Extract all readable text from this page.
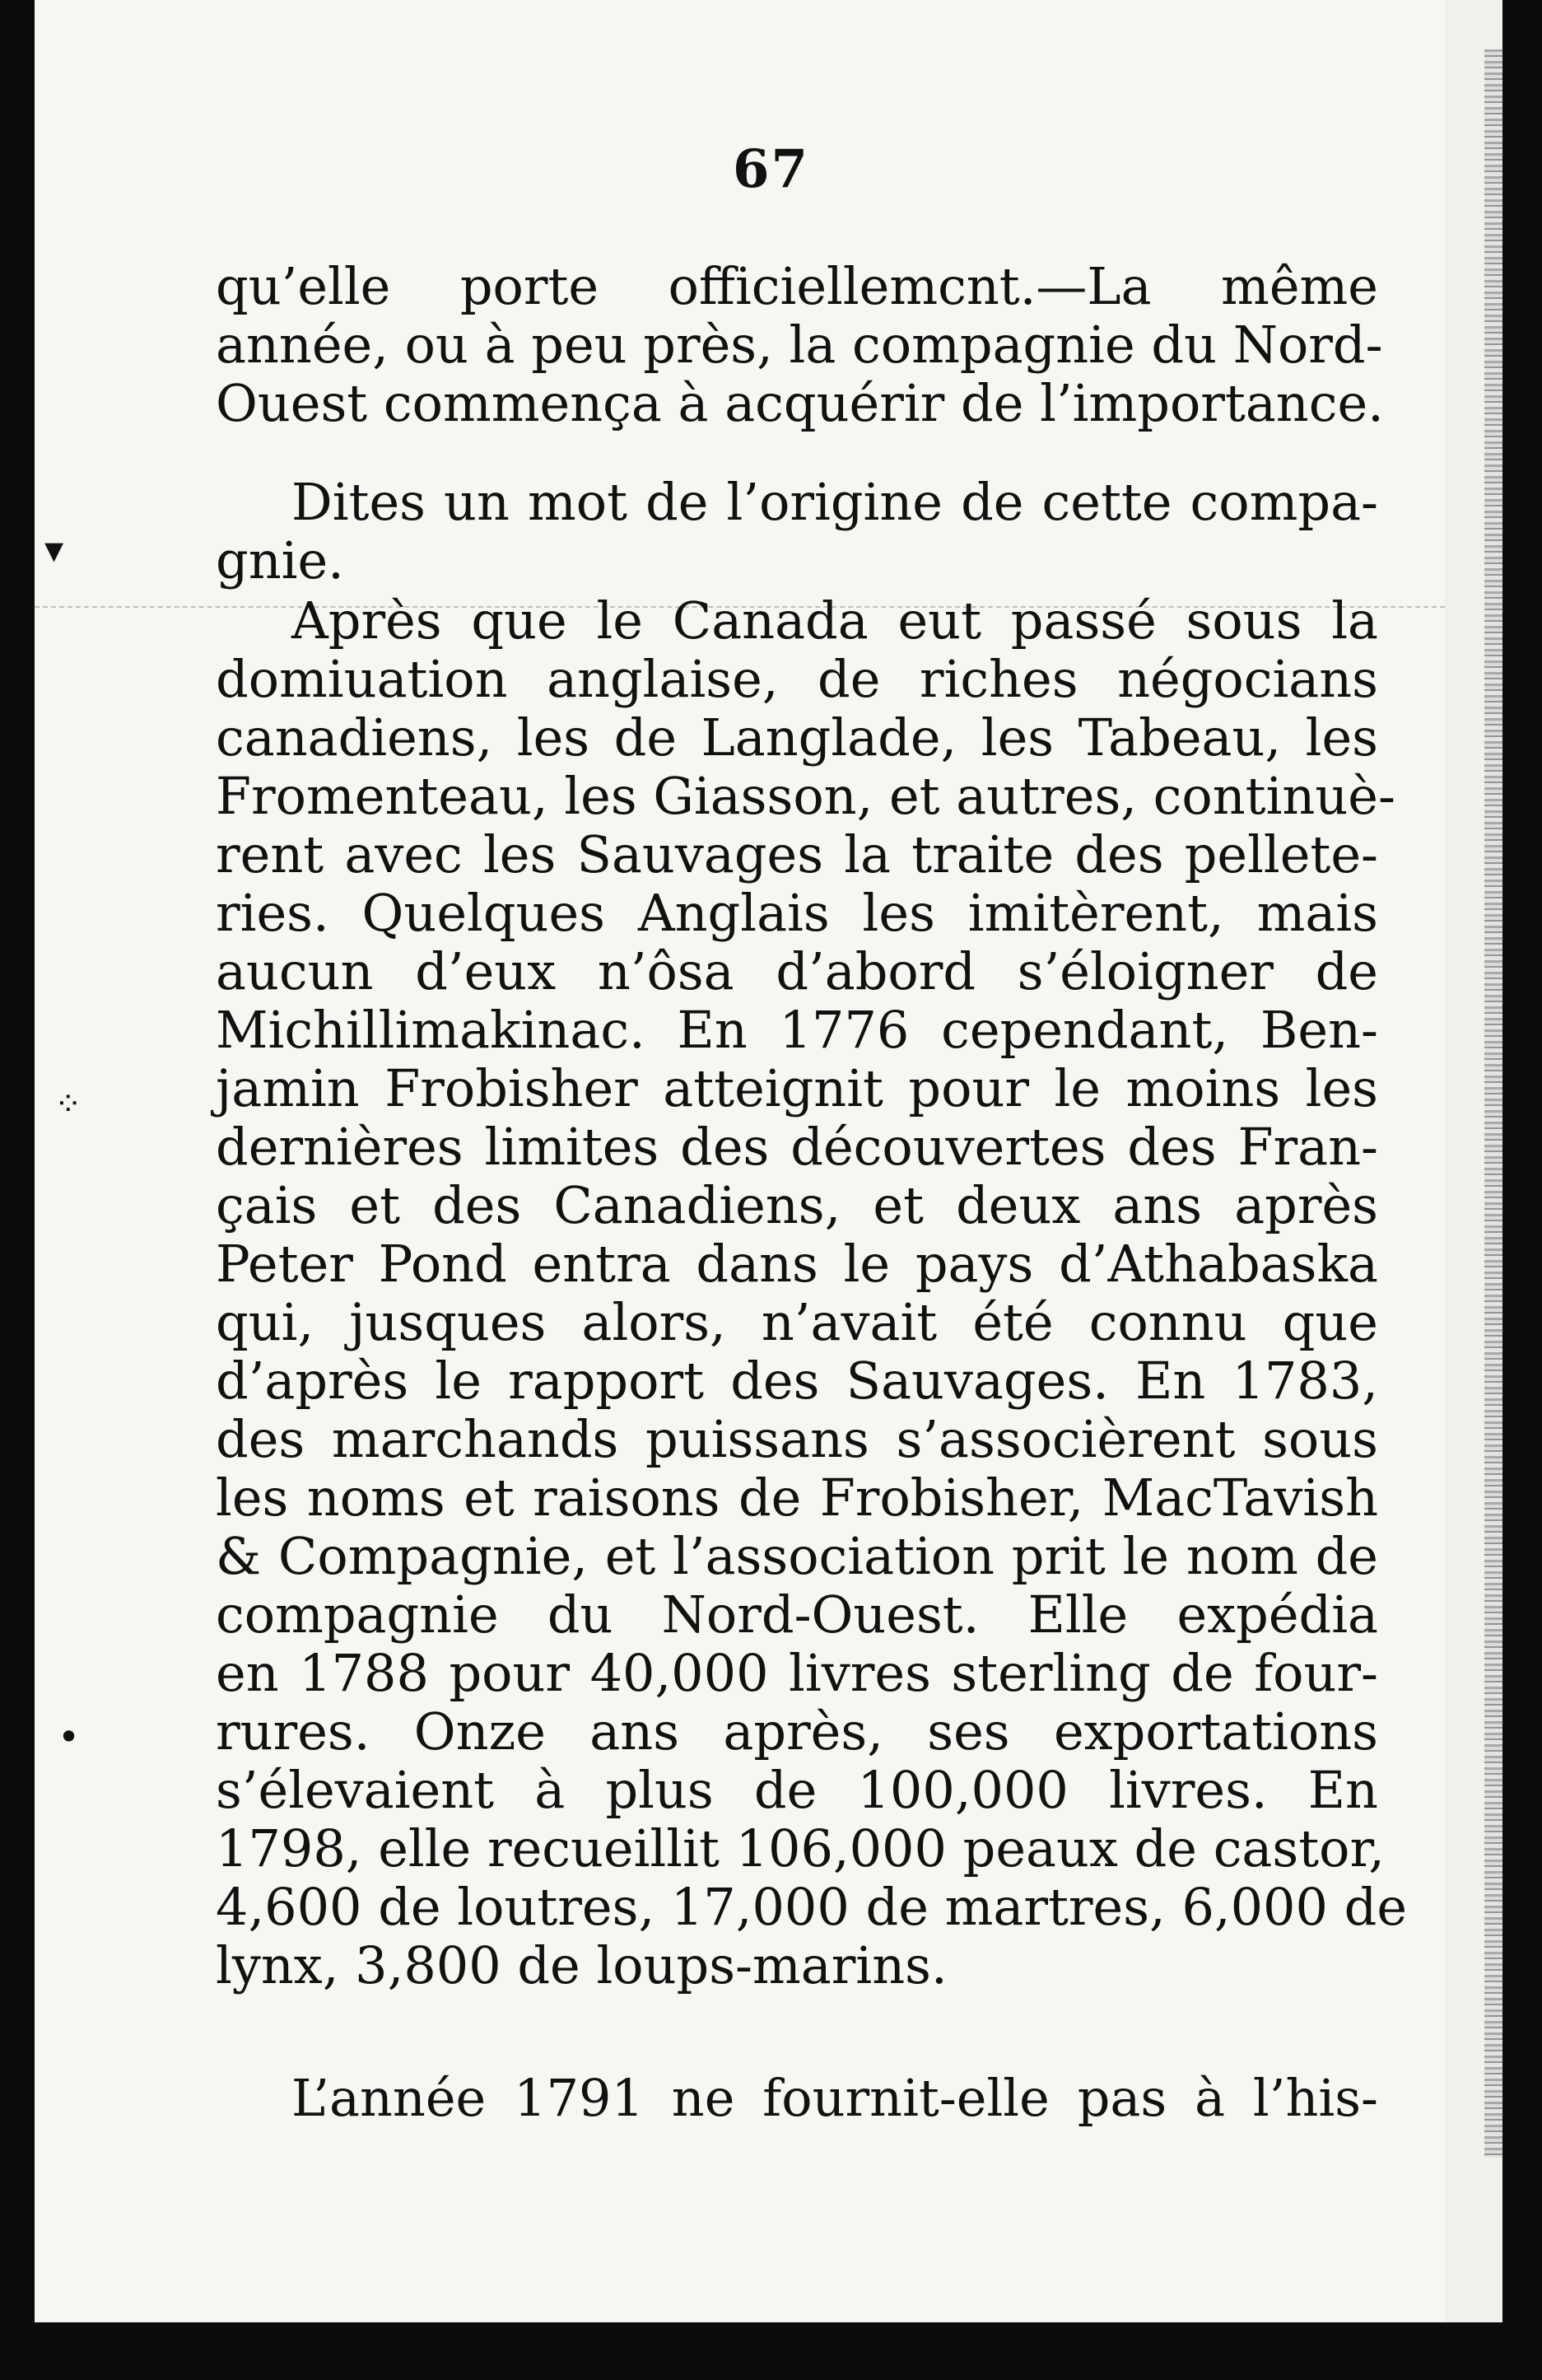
▾
⁘
•
67
qu’elle porte officiellemcnt.—La même
année, ou à peu près, la compagnie du Nord-
Ouest commença à acquérir de l’importance.
Dites un mot de l’origine de cette compa-
gnie.
Après que le Canada eut passé sous la
domiuation anglaise, de riches négocians
canadiens, les de Langlade, les Tabeau, les
Fromenteau, les Giasson, et autres, continuè-
rent avec les Sauvages la traite des pellete-
ries. Quelques Anglais les imitèrent, mais
aucun d’eux n’ôsa d’abord s’éloigner de
Michillimakinac. En 1776 cependant, Ben-
jamin Frobisher atteignit pour le moins les
dernières limites des découvertes des Fran-
çais et des Canadiens, et deux ans après
Peter Pond entra dans le pays d’Athabaska
qui, jusques alors, n’avait été connu que
d’après le rapport des Sauvages. En 1783,
des marchands puissans s’associèrent sous
les noms et raisons de Frobisher, MacTavish
& Compagnie, et l’association prit le nom de
compagnie du Nord-Ouest. Elle expédia
en 1788 pour 40,000 livres sterling de four-
rures. Onze ans après, ses exportations
s’élevaient à plus de 100,000 livres. En
1798, elle recueillit 106,000 peaux de castor,
4,600 de loutres, 17,000 de martres, 6,000 de
lynx, 3,800 de loups-marins.
L’année 1791 ne fournit-elle pas à l’his-
